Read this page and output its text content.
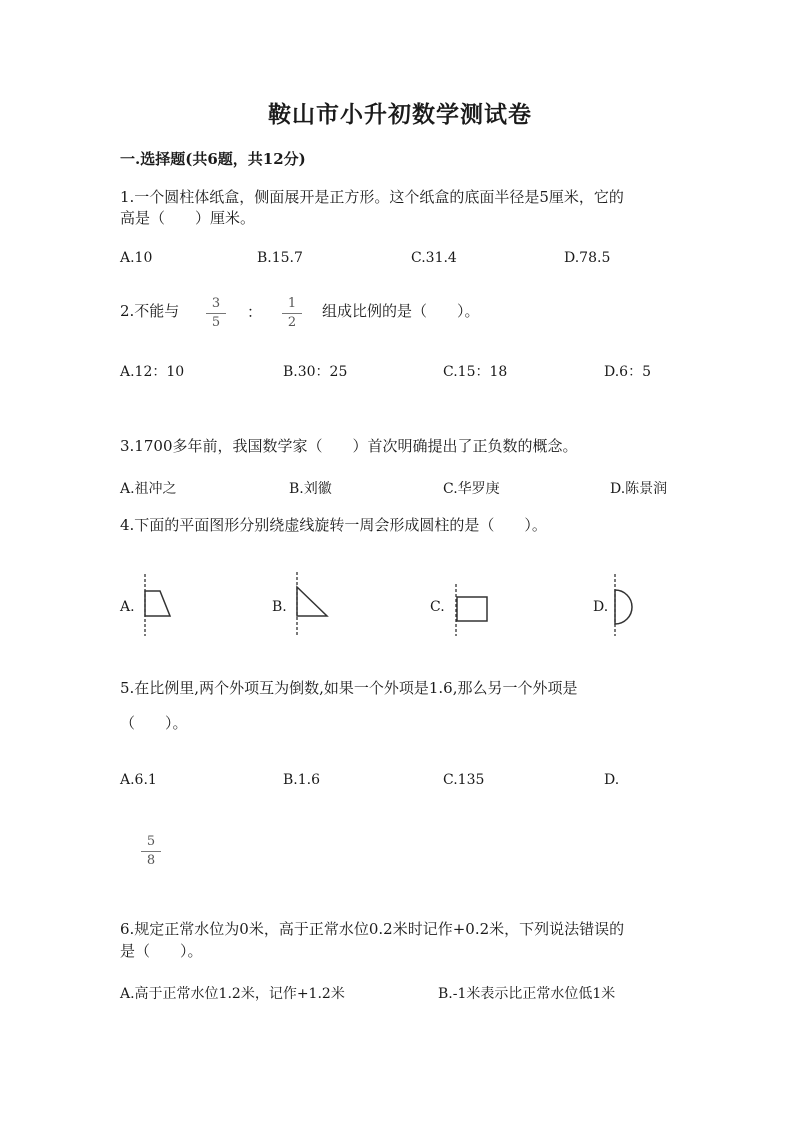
鞍山市小升初数学测试卷
一.选择题(共6题，共12分)
1.一个圆柱体纸盒，侧面展开是正方形。这个纸盒的底面半径是5厘米，它的
高是（　　）厘米。
A.10	B.15.7	C.31.4	D.78.5
2.不能与	3
5
：	1
2
组成比例的是（　　）。
A.12：10	B.30：25	C.15：18	D.6：5
3.1700多年前，我国数学家（　　）首次明确提出了正负数的概念。
A.祖冲之	B.刘徽	C.华罗庚	D.陈景润
4.下面的平面图形分别绕虚线旋转一周会形成圆柱的是（　　）。
A.	B.	C.	D.
5.在比例里,两个外项互为倒数,如果一个外项是1.6,那么另一个外项是
（　　）。
A.6.1	B.1.6	C.135	D.
5
8
6.规定正常水位为0米，高于正常水位0.2米时记作+0.2米，下列说法错误的
是（　　）。
A.高于正常水位1.2米，记作+1.2米	B.-1米表示比正常水位低1米
